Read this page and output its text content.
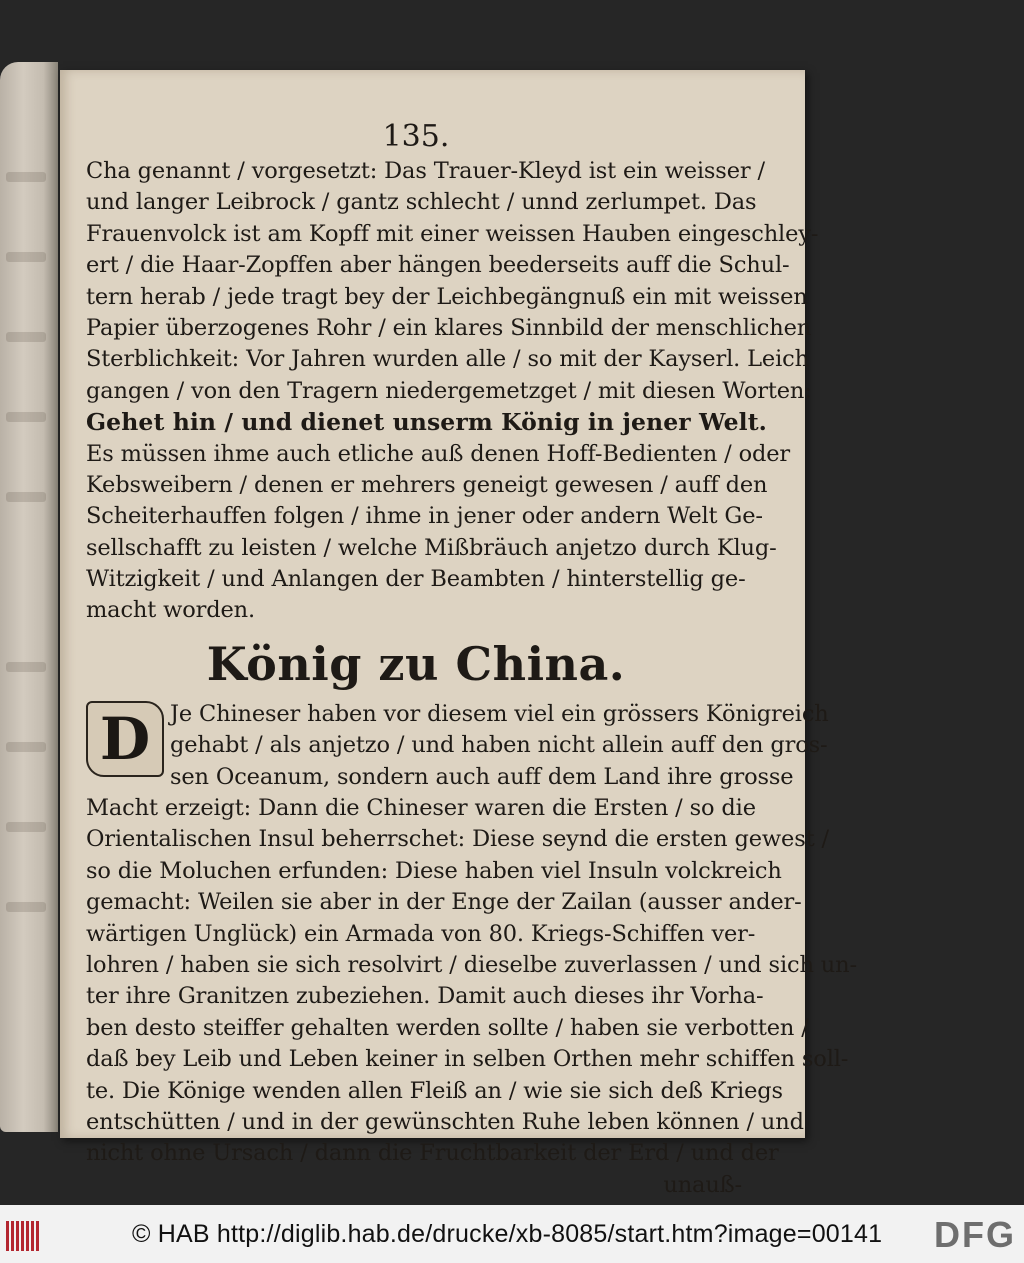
135.
Cha genannt / vorgesetzt: Das Trauer-Kleyd ist ein weisser /
und langer Leibrock / gantz schlecht / unnd zerlumpet. Das
Frauenvolck ist am Kopff mit einer weissen Hauben eingeschley-
ert / die Haar-Zopffen aber hängen beederseits auff die Schul-
tern herab / jede tragt bey der Leichbegängnuß ein mit weissen
Papier überzogenes Rohr / ein klares Sinnbild der menschlichen
Sterblichkeit: Vor Jahren wurden alle / so mit der Kayserl. Leich
gangen / von den Tragern niedergemetzget / mit diesen Worten:
Gehet hin / und dienet unserm König in jener Welt.
Es müssen ihme auch etliche auß denen Hoff-Bedienten / oder
Kebsweibern / denen er mehrers geneigt gewesen / auff den
Scheiterhauffen folgen / ihme in jener oder andern Welt Ge-
sellschafft zu leisten / welche Mißbräuch anjetzo durch Klug-
Witzigkeit / und Anlangen der Beambten / hinterstellig ge-
macht worden.
König zu China.
D Je Chineser haben vor diesem viel ein grössers Königreich
gehabt / als anjetzo / und haben nicht allein auff den gros-
sen Oceanum, sondern auch auff dem Land ihre grosse
Macht erzeigt: Dann die Chineser waren die Ersten / so die
Orientalischen Insul beherrschet: Diese seynd die ersten gewest /
so die Moluchen erfunden: Diese haben viel Insuln volckreich
gemacht: Weilen sie aber in der Enge der Zailan (ausser ander-
wärtigen Unglück) ein Armada von 80. Kriegs-Schiffen ver-
lohren / haben sie sich resolvirt / dieselbe zuverlassen / und sich un-
ter ihre Granitzen zubeziehen. Damit auch dieses ihr Vorha-
ben desto steiffer gehalten werden sollte / haben sie verbotten /
daß bey Leib und Leben keiner in selben Orthen mehr schiffen soll-
te. Die Könige wenden allen Fleiß an / wie sie sich deß Kriegs
entschütten / und in der gewünschten Ruhe leben können / und
nicht ohne Ursach / dann die Fruchtbarkeit der Erd / und der
unauß-
© HAB http://diglib.hab.de/drucke/xb-8085/start.htm?image=00141 DFG
